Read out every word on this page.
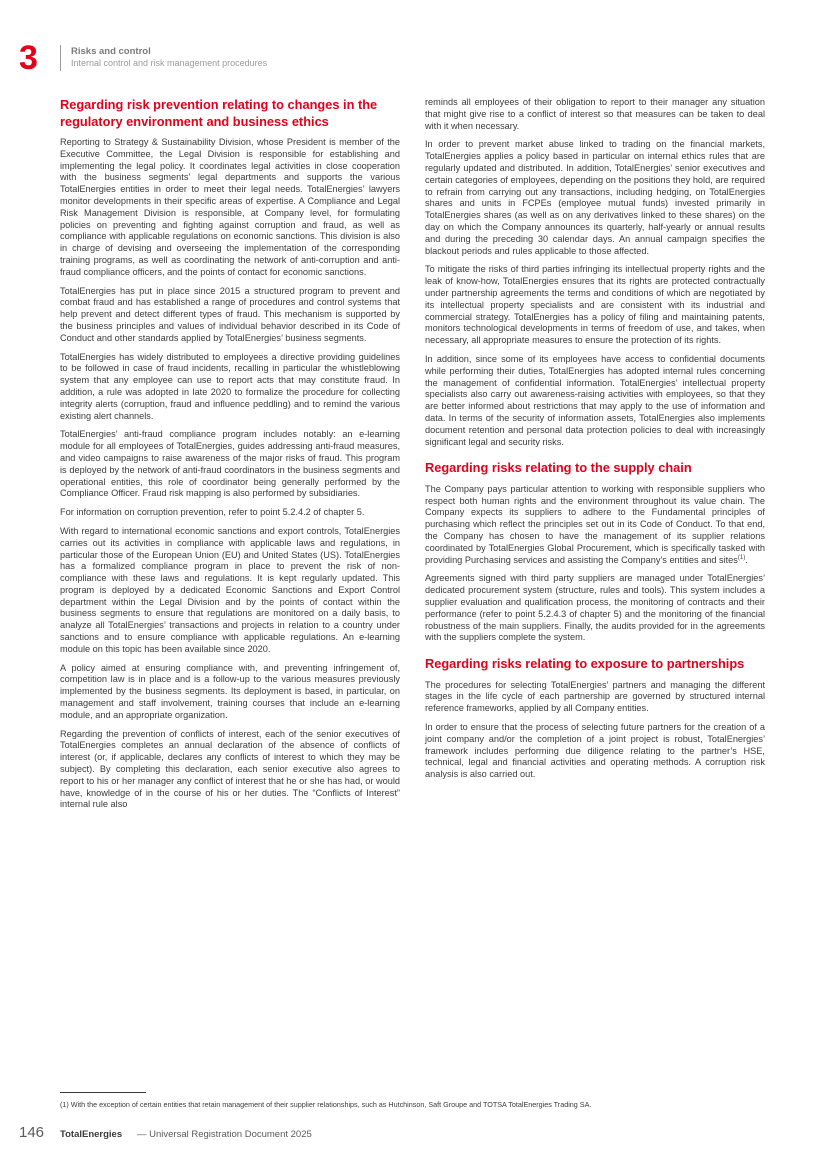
3	Risks and control
Internal control and risk management procedures
Regarding risk prevention relating to changes in the regulatory environment and business ethics

Reporting to Strategy & Sustainability Division, whose President is member of the Executive Committee, the Legal Division is responsible for establishing and implementing the legal policy. It coordinates legal activities in close cooperation with the business segments’ legal departments and supports the various TotalEnergies entities in order to meet their legal needs. TotalEnergies’ lawyers monitor developments in their specific areas of expertise. A Compliance and Legal Risk Management Division is responsible, at Company level, for formulating policies on preventing and fighting against corruption and fraud, as well as compliance with applicable regulations on economic sanctions. This division is also in charge of devising and overseeing the implementation of the corresponding training programs, as well as coordinating the network of anti-corruption and anti-fraud compliance officers, and the points of contact for economic sanctions.

TotalEnergies has put in place since 2015 a structured program to prevent and combat fraud and has established a range of procedures and control systems that help prevent and detect different types of fraud. This mechanism is supported by the business principles and values of individual behavior described in its Code of Conduct and other standards applied by TotalEnergies’ business segments.

TotalEnergies has widely distributed to employees a directive providing guidelines to be followed in case of fraud incidents, recalling in particular the whistleblowing system that any employee can use to report acts that may constitute fraud. In addition, a rule was adopted in late 2020 to formalize the procedure for collecting integrity alerts (corruption, fraud and influence peddling) and to remind the various existing alert channels.

TotalEnergies’ anti-fraud compliance program includes notably: an e-learning module for all employees of TotalEnergies, guides addressing anti-fraud measures, and video campaigns to raise awareness of the major risks of fraud. This program is deployed by the network of anti-fraud coordinators in the business segments and operational entities, this role of coordinator being generally performed by the Compliance Officer. Fraud risk mapping is also performed by subsidiaries.

For information on corruption prevention, refer to point 5.2.4.2 of chapter 5.

With regard to international economic sanctions and export controls, TotalEnergies carries out its activities in compliance with applicable laws and regulations, in particular those of the European Union (EU) and United States (US). TotalEnergies has a formalized compliance program in place to prevent the risk of non-compliance with these laws and regulations. It is kept regularly updated. This program is deployed by a dedicated Economic Sanctions and Export Control department within the Legal Division and by the points of contact within the business segments to ensure that regulations are monitored on a daily basis, to analyze all TotalEnergies’ transactions and projects in relation to a country under sanctions and to ensure compliance with applicable regulations. An e-learning module on this topic has been available since 2020.

A policy aimed at ensuring compliance with, and preventing infringement of, competition law is in place and is a follow-up to the various measures previously implemented by the business segments. Its deployment is based, in particular, on management and staff involvement, training courses that include an e-learning module, and an appropriate organization.

Regarding the prevention of conflicts of interest, each of the senior executives of TotalEnergies completes an annual declaration of the absence of conflicts of interest (or, if applicable, declares any conflicts of interest to which they may be subject). By completing this declaration, each senior executive also agrees to report to his or her manager any conflict of interest that he or she has had, or would have, knowledge of in the course of his or her duties. The “Conflicts of Interest” internal rule also

reminds all employees of their obligation to report to their manager any situation that might give rise to a conflict of interest so that measures can be taken to deal with it when necessary.

In order to prevent market abuse linked to trading on the financial markets, TotalEnergies applies a policy based in particular on internal ethics rules that are regularly updated and distributed. In addition, TotalEnergies’ senior executives and certain categories of employees, depending on the positions they hold, are required to refrain from carrying out any transactions, including hedging, on TotalEnergies shares and units in FCPEs (employee mutual funds) invested primarily in TotalEnergies shares (as well as on any derivatives linked to these shares) on the day on which the Company announces its quarterly, half-yearly or annual results and during the preceding 30 calendar days. An annual campaign specifies the blackout periods and rules applicable to those affected.

To mitigate the risks of third parties infringing its intellectual property rights and the leak of know-how, TotalEnergies ensures that its rights are protected contractually under partnership agreements the terms and conditions of which are negotiated by its intellectual property specialists and are consistent with its industrial and commercial strategy. TotalEnergies has a policy of filing and maintaining patents, monitors technological developments in terms of freedom of use, and takes, when necessary, all appropriate measures to ensure the protection of its rights.

In addition, since some of its employees have access to confidential documents while performing their duties, TotalEnergies has adopted internal rules concerning the management of confidential information. TotalEnergies’ intellectual property specialists also carry out awareness-raising activities with employees, so that they are better informed about restrictions that may apply to the use of information and data. In terms of the security of information assets, TotalEnergies also implements document retention and personal data protection policies to deal with increasingly significant legal and security risks.

Regarding risks relating to the supply chain

The Company pays particular attention to working with responsible suppliers who respect both human rights and the environment throughout its value chain. The Company expects its suppliers to adhere to the Fundamental principles of purchasing which reflect the principles set out in its Code of Conduct. To that end, the Company has chosen to have the management of its supplier relations coordinated by TotalEnergies Global Procurement, which is specifically tasked with providing Purchasing services and assisting the Company’s entities and sites$^{(1)}$.

Agreements signed with third party suppliers are managed under TotalEnergies’ dedicated procurement system (structure, rules and tools). This system includes a supplier evaluation and qualification process, the monitoring of contracts and their performance (refer to point 5.2.4.3 of chapter 5) and the monitoring of the financial robustness of the main suppliers. Finally, the audits provided for in the agreements with the suppliers complete the system.

Regarding risks relating to exposure to partnerships

The procedures for selecting TotalEnergies’ partners and managing the different stages in the life cycle of each partnership are governed by structured internal reference frameworks, applied by all Company entities.

In order to ensure that the process of selecting future partners for the creation of a joint company and/or the completion of a joint project is robust, TotalEnergies’ framework includes performing due diligence relating to the partner’s HSE, technical, legal and financial activities and operating methods. A corruption risk analysis is also carried out.

(1) With the exception of certain entities that retain management of their supplier relationships, such as Hutchinson, Saft Groupe and TOTSA TotalEnergies Trading SA.
146 TotalEnergies — Universal Registration Document 2025
